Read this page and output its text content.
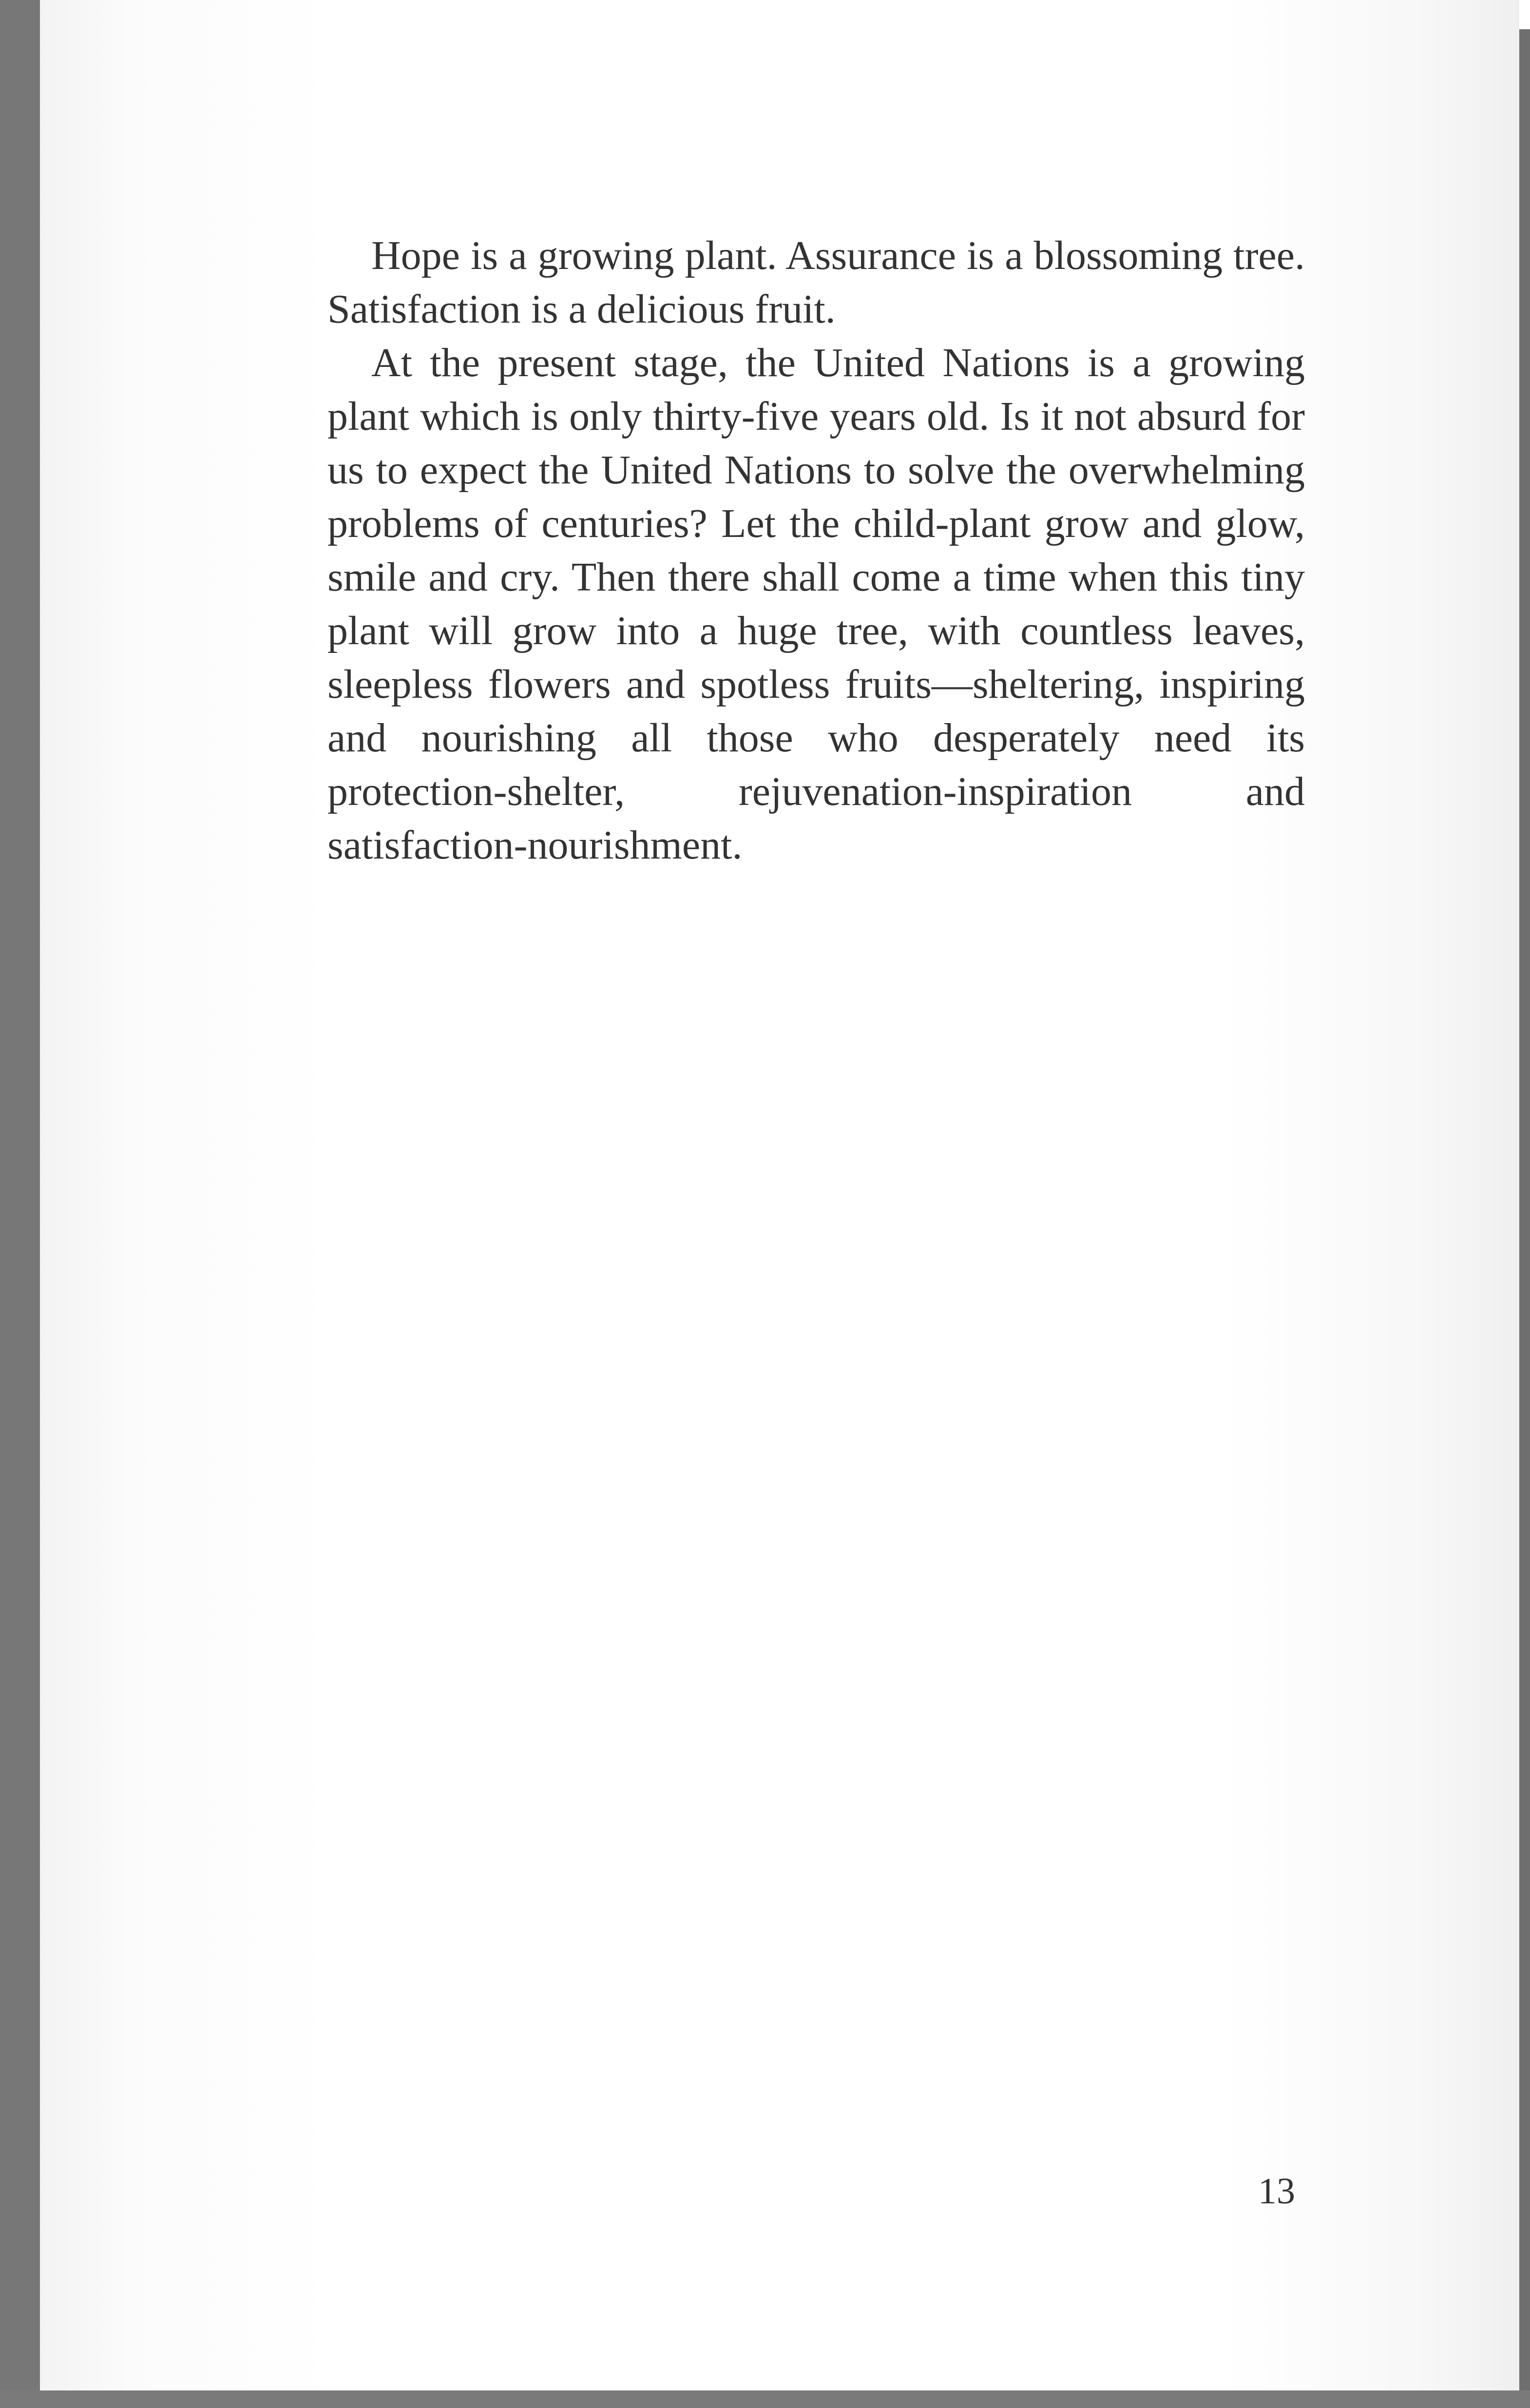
Hope is a growing plant. Assurance is a blossoming tree. Satisfaction is a delicious fruit.

At the present stage, the United Nations is a growing plant which is only thirty-five years old. Is it not absurd for us to expect the United Nations to solve the overwhelming problems of centuries? Let the child-plant grow and glow, smile and cry. Then there shall come a time when this tiny plant will grow into a huge tree, with countless leaves, sleepless flowers and spotless fruits—sheltering, inspiring and nourishing all those who desperately need its protection-shelter, rejuvenation-inspiration and satisfaction-nourishment.

13
